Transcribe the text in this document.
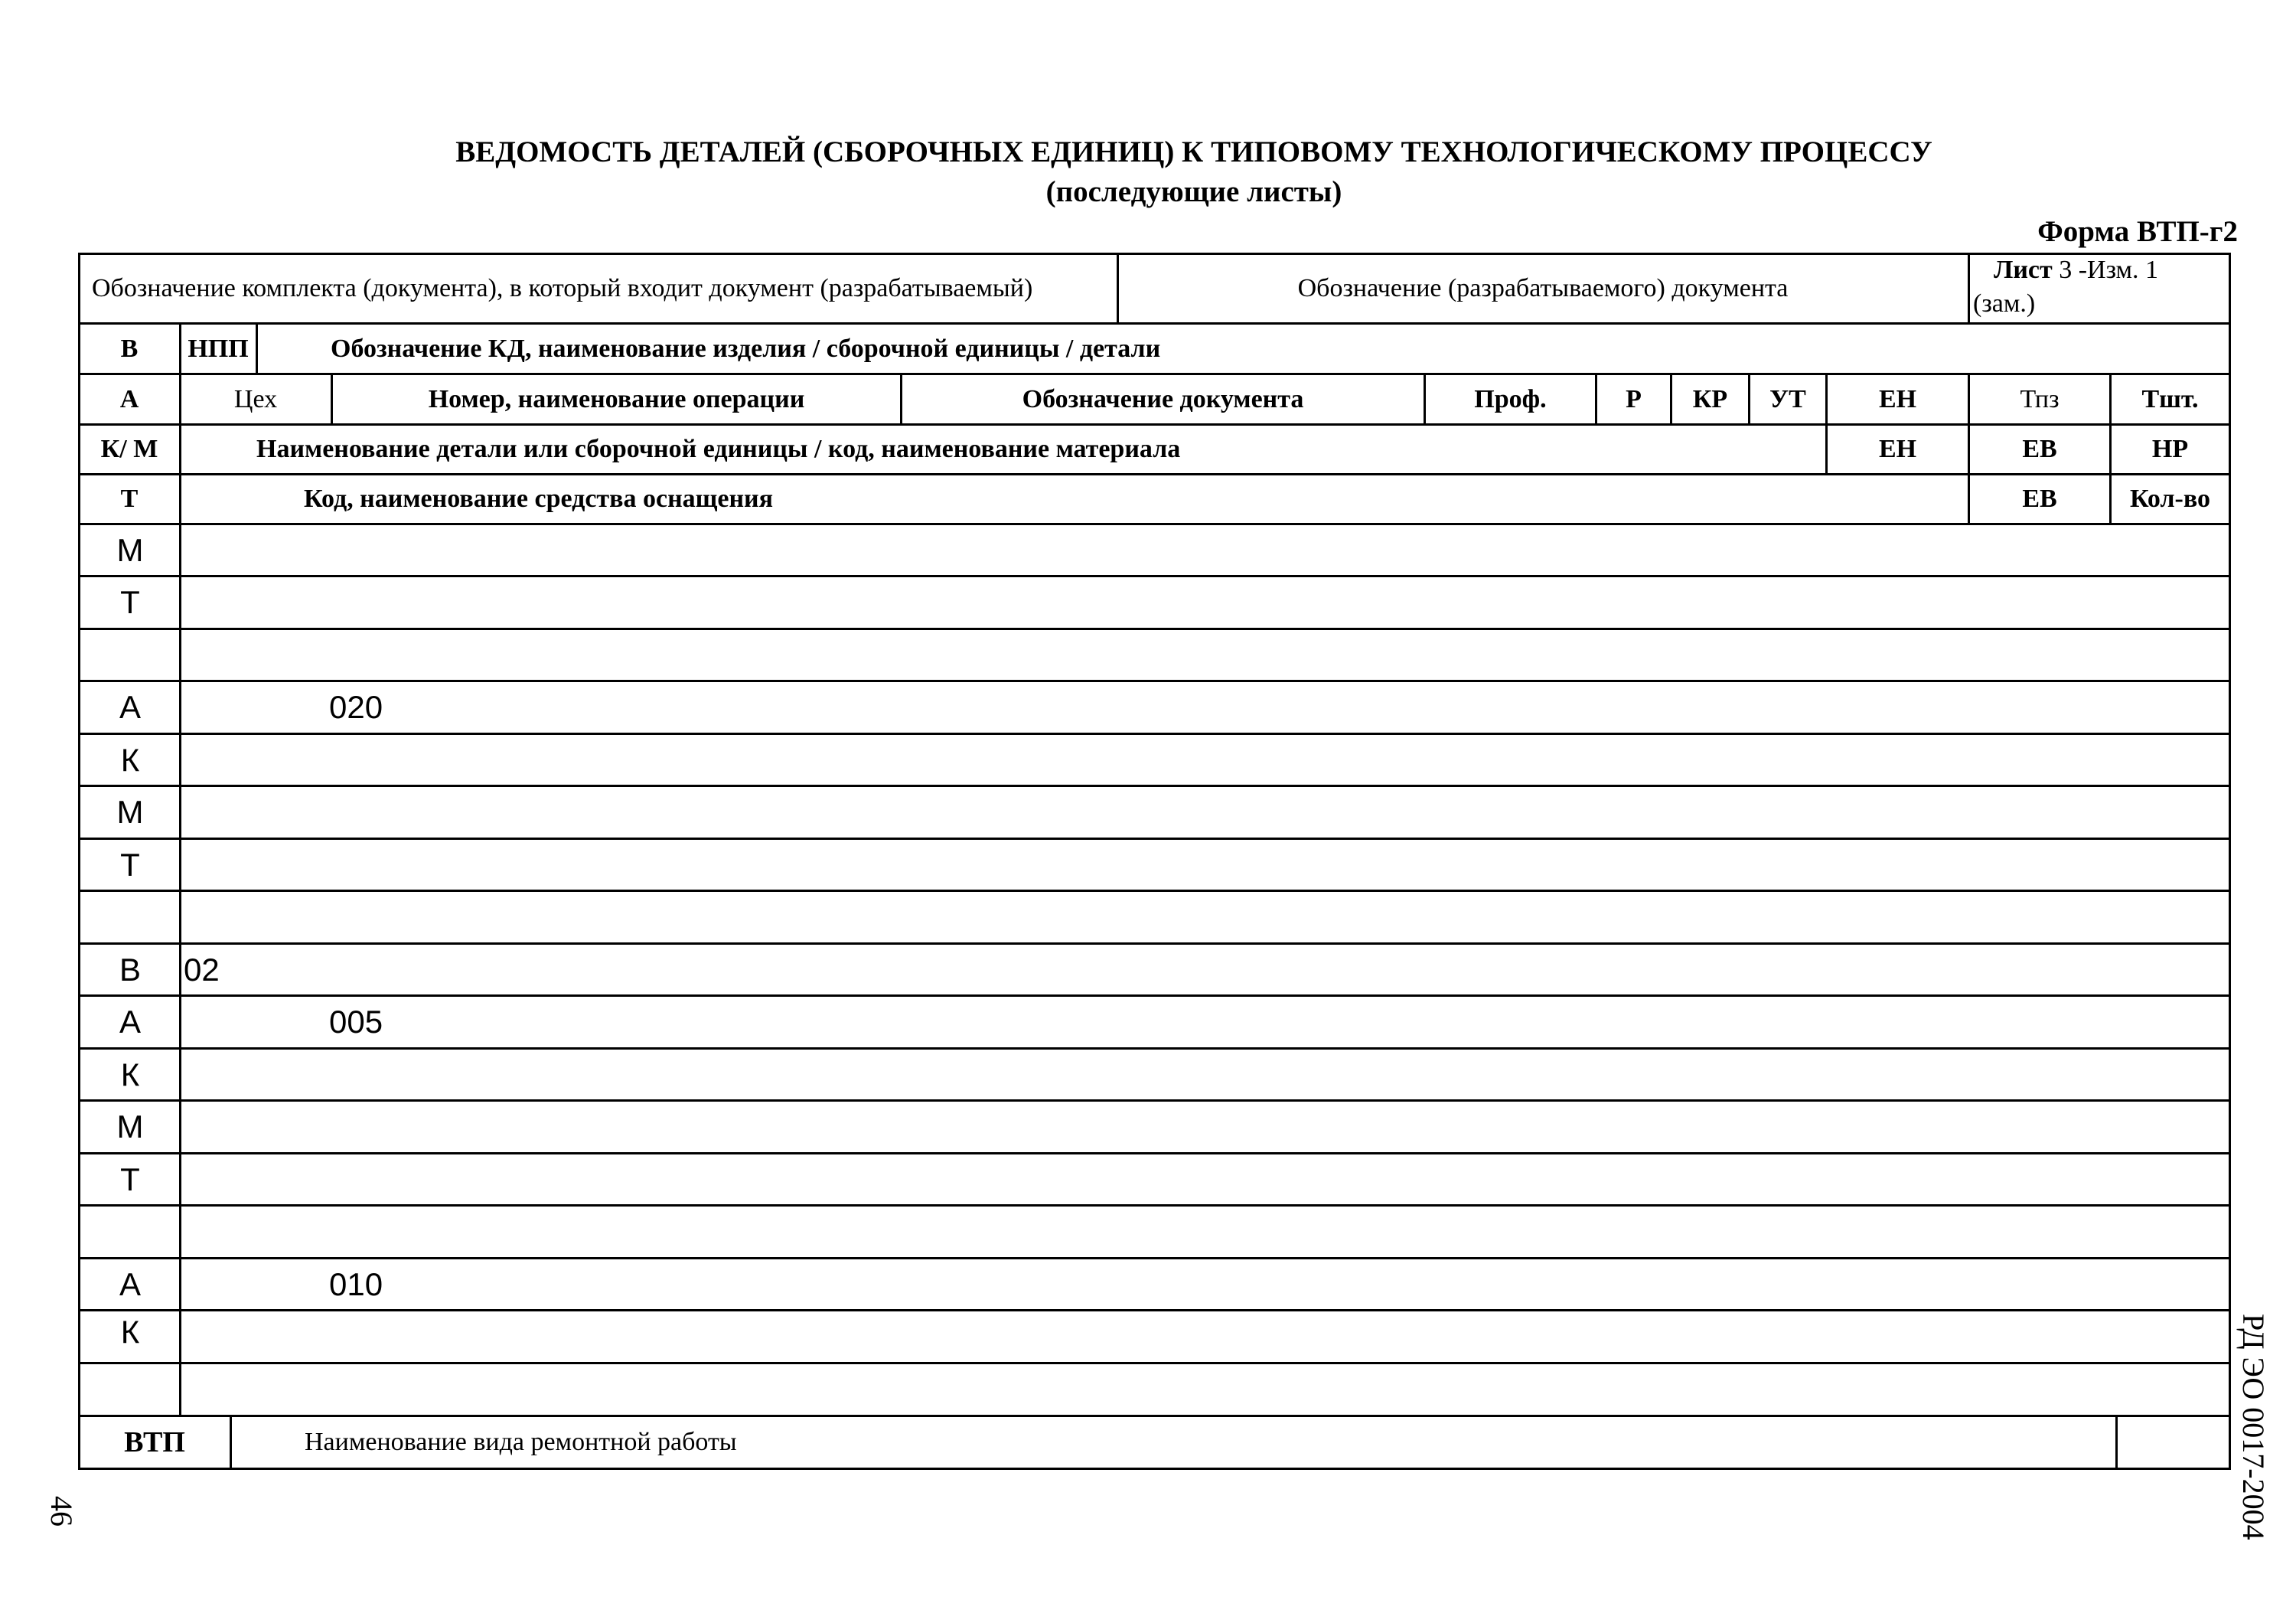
ВЕДОМОСТЬ ДЕТАЛЕЙ (СБОРОЧНЫХ ЕДИНИЦ) К ТИПОВОМУ ТЕХНОЛОГИЧЕСКОМУ ПРОЦЕССУ
(последующие листы)
Форма ВТП-г2
Обозначение комплекта (документа), в который входит документ (разрабатываемый)	Обозначение (разрабатываемого) документа
Лист 3 -Изм. 1
(зам.)
В	НПП	Обозначение КД, наименование изделия / сборочной единицы / детали
А	Цех	Номер, наименование операции	Обозначение документа	Проф.	Р	КР	УТ	ЕН	Тпз	Тшт.
К/ М	Наименование детали или сборочной единицы / код, наименование материала	ЕН	ЕВ	НР
Т	Код, наименование средства оснащения	ЕВ	Кол-во
М
Т
А	020
К
М
Т
В	02
А	005
К
М
Т
А	010
К
ВТП	Наименование вида ремонтной работы	РД ЭО 0017-2004
46
